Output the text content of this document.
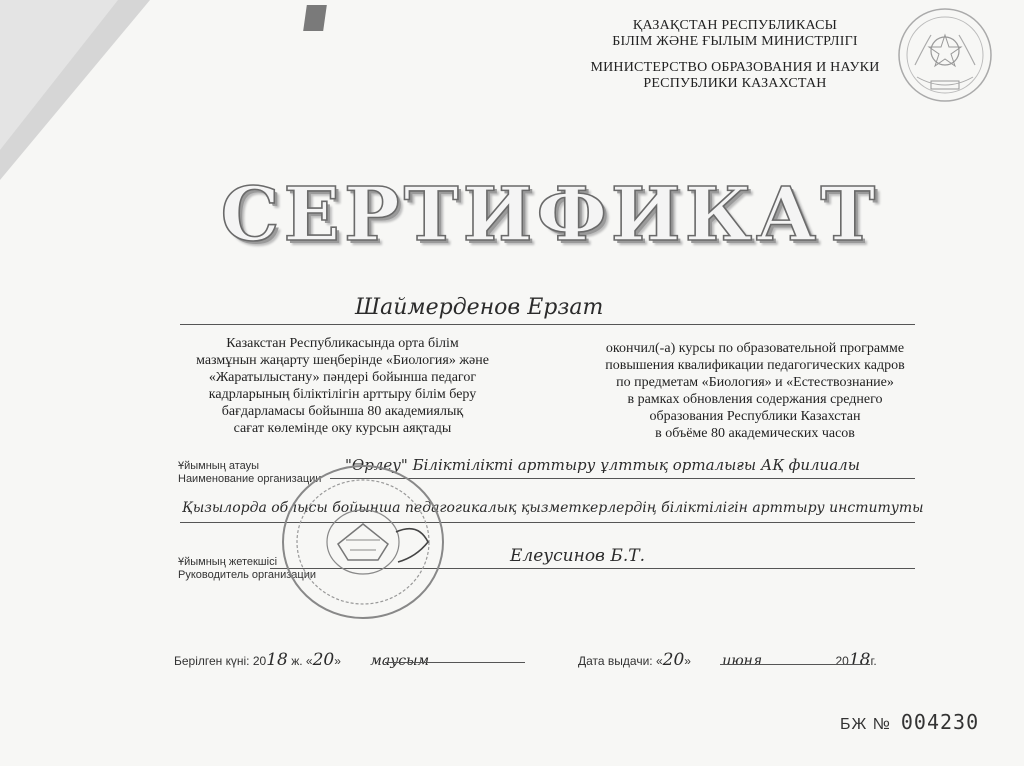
ҚАЗАҚСТАН РЕСПУБЛИКАСЫ
БІЛІМ ЖӘНЕ ҒЫЛЫМ МИНИСТРЛІГІ
МИНИСТЕРСТВО ОБРАЗОВАНИЯ И НАУКИ
РЕСПУБЛИКИ КАЗАХСТАН
СЕРТИФИКАТ
Шаймерденов Ерзат
Казакстан Республикасында орта білім
мазмұнын жаңарту шеңберінде «Биология» және
«Жаратылыстану» пәндері бойынша педагог
кадрларының біліктілігін арттыру білім беру
бағдарламасы бойынша 80 академиялық
сағат көлемінде оку курсын аяқтады
окончил(-а) курсы по образовательной программе
повышения квалификации педагогических кадров
по предметам «Биология» и «Естествознание»
в рамках обновления содержания среднего
образования Республики Казахстан
в объёме 80 академических часов
Ұйымның атауы
Наименование организации
"Өрлеу" Біліктілікті арттыру ұлттық орталығы АҚ филиалы
Қызылорда облысы бойынша педагогикалық қызметкерлердің біліктілігін арттыру институты
Ұйымның жетекшісі
Руководитель организации
Елеусинов Б.Т.
Берілген күні: 2018 ж. «20» маусым	Дата выдачи: «20» июня	2018г.
БЖ № 004230
